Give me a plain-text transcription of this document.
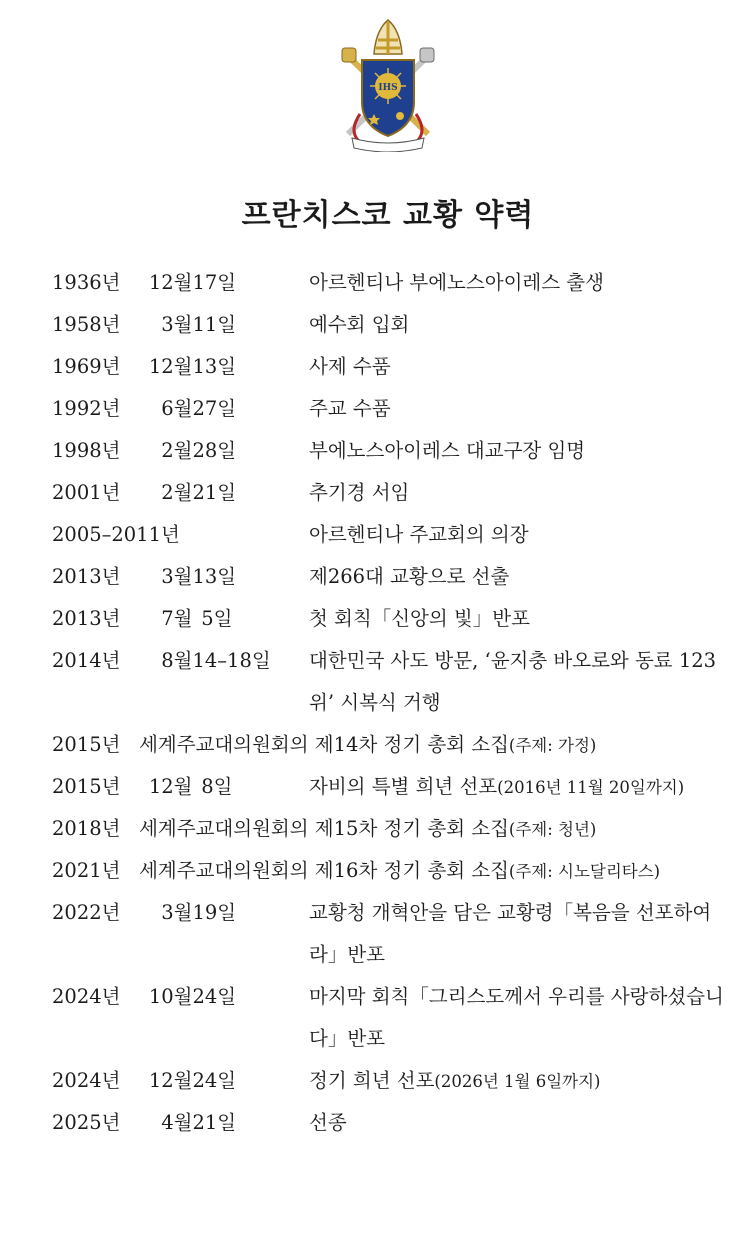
IHS
프란치스코 교황 약력
1936년 12월17일	아르헨티나 부에노스아이레스 출생
1958년 3월11일	예수회 입회
1969년 12월13일	사제 수품
1992년 6월27일	주교 수품
1998년 2월28일	부에노스아이레스 대교구장 임명
2001년 2월21일	추기경 서임
2005–2011년	아르헨티나 주교회의 의장
2013년 3월13일	제266대 교황으로 선출
2013년 7월 5일	첫 회칙「신앙의 빛」반포
2014년 8월14–18일 대한민국 사도 방문, ‘윤지충 바오로와 동료 123위’ 시복식 거행
2015년 세계주교대의원회의 제14차 정기 총회 소집(주제: 가정)
2015년 12월 8일	자비의 특별 희년 선포(2016년 11월 20일까지)
2018년 세계주교대의원회의 제15차 정기 총회 소집(주제: 청년)
2021년 세계주교대의원회의 제16차 정기 총회 소집(주제: 시노달리타스)
2022년 3월19일	교황청 개혁안을 담은 교황령「복음을 선포하여라」반포
2024년 10월24일	마지막 회칙「그리스도께서 우리를 사랑하셨습니다」반포
2024년 12월24일	정기 희년 선포(2026년 1월 6일까지)
2025년 4월21일	선종
